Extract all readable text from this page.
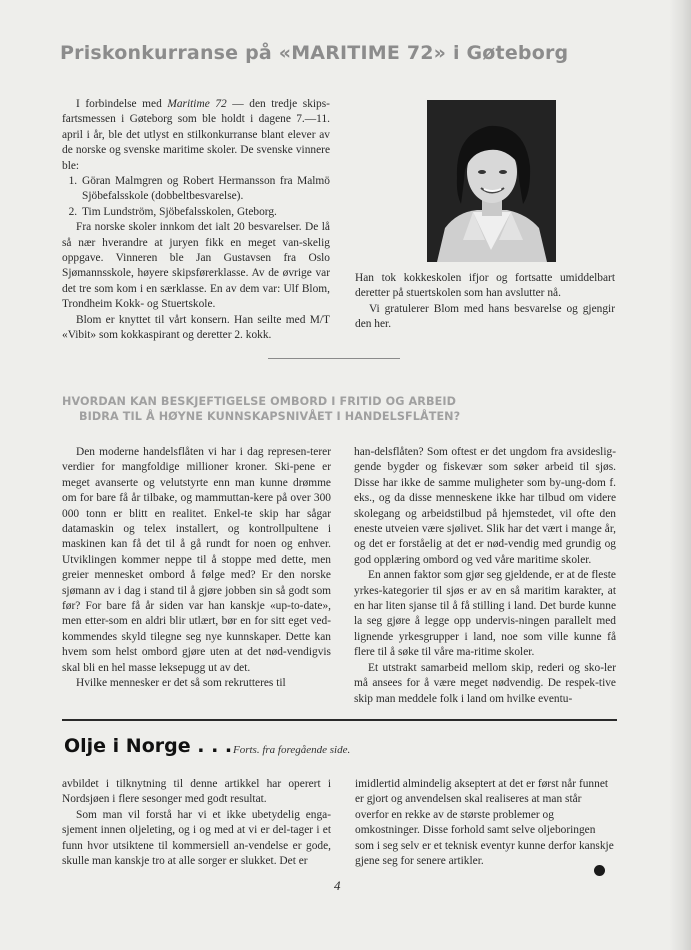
Priskonkurranse på «MARITIME 72» i Gøteborg

I forbindelse med Maritime 72 — den tredje skips-fartsmessen i Gøteborg som ble holdt i dagene 7.—11. april i år, ble det utlyst en stilkonkurranse blant elever av de norske og svenske maritime skoler. De svenske vinnere ble:

1. Göran Malmgren og Robert Hermansson fra Malmö Sjöbefalsskole (dobbeltbesvarelse).
2. Tim Lundström, Sjöbefalsskolen, Gteborg.

Fra norske skoler innkom det ialt 20 besvarelser. De lå så nær hverandre at juryen fikk en meget van-skelig oppgave. Vinneren ble Jan Gustavsen fra Oslo Sjømannsskole, høyere skipsførerklasse. Av de øvrige var det tre som kom i en særklasse. En av dem var: Ulf Blom, Trondheim Kokk- og Stuertskole.

Blom er knyttet til vårt konsern. Han seilte med M/T «Vibit» som kokkaspirant og deretter 2. kokk.

Han tok kokkeskolen ifjor og fortsatte umiddelbart deretter på stuertskolen som han avslutter nå.

Vi gratulerer Blom med hans besvarelse og gjengir den her.

HVORDAN KAN BESKJEFTIGELSE OMBORD I FRITID OG ARBEID
BIDRA TIL Å HØYNE KUNNSKAPSNIVÅET I HANDELSFLÅTEN?

Den moderne handelsflåten vi har i dag represen-terer verdier for mangfoldige millioner kroner. Ski-pene er meget avanserte og velutstyrte enn man kunne drømme om for bare få år tilbake, og mammuttan-kere på over 300 000 tonn er blitt en realitet. Enkel-te skip har sågar datamaskin og telex installert, og kontrollpultene i maskinen kan få det til å gå rundt for noen og enhver. Utviklingen kommer neppe til å stoppe med dette, men greier mennesket ombord å følge med? Er den norske sjømann av i dag i stand til å gjøre jobben sin så godt som før? For bare få år siden var han kanskje «up-to-date», men etter-som en aldri blir utlært, bør en for sitt eget ved-kommendes skyld tilegne seg nye kunnskaper. Dette kan hvem som helst ombord gjøre uten at det nød-vendigvis skal bli en hel masse leksepugg ut av det.

Hvilke mennesker er det så som rekrutteres til

han-delsflåten? Som oftest er det ungdom fra avsideslig-gende bygder og fiskevær som søker arbeid til sjøs. Disse har ikke de samme muligheter som by-ung-dom f. eks., og da disse menneskene ikke har tilbud om videre skolegang og arbeidstilbud på hjemstedet, vil ofte den eneste utveien være sjølivet. Slik har det vært i mange år, og det er forståelig at det er nød-vendig med grundig og god opplæring ombord og ved våre maritime skoler.

En annen faktor som gjør seg gjeldende, er at de fleste yrkes-kategorier til sjøs er av en så maritim karakter, at en har liten sjanse til å få stilling i land. Det burde kunne la seg gjøre å legge opp undervis-ningen parallelt med lignende yrkesgrupper i land, noe som ville kunne få flere til å søke til våre ma-ritime skoler.

Et utstrakt samarbeid mellom skip, rederi og sko-ler må ansees for å være meget nødvendig. De respek-tive skip man meddele folk i land om hvilke eventu-

Olje i Norge . . . Forts. fra foregående side.

avbildet i tilknytning til denne artikkel har operert i Nordsjøen i flere sesonger med godt resultat.

Som man vil forstå har vi et ikke ubetydelig enga-sjement innen oljeleting, og i og med at vi er del-tager i et funn hvor utsiktene til kommersiell an-vendelse er gode, skulle man kanskje tro at alle sorger er slukket. Det er

imidlertid almindelig akseptert at det er først når funnet er gjort og anvendelsen skal realiseres at man står overfor en rekke av de største problemer og omkostninger. Disse forhold samt selve oljeboringen som i seg selv er et teknisk eventyr kunne derfor kanskje gjene seg for senere artikler.

4
